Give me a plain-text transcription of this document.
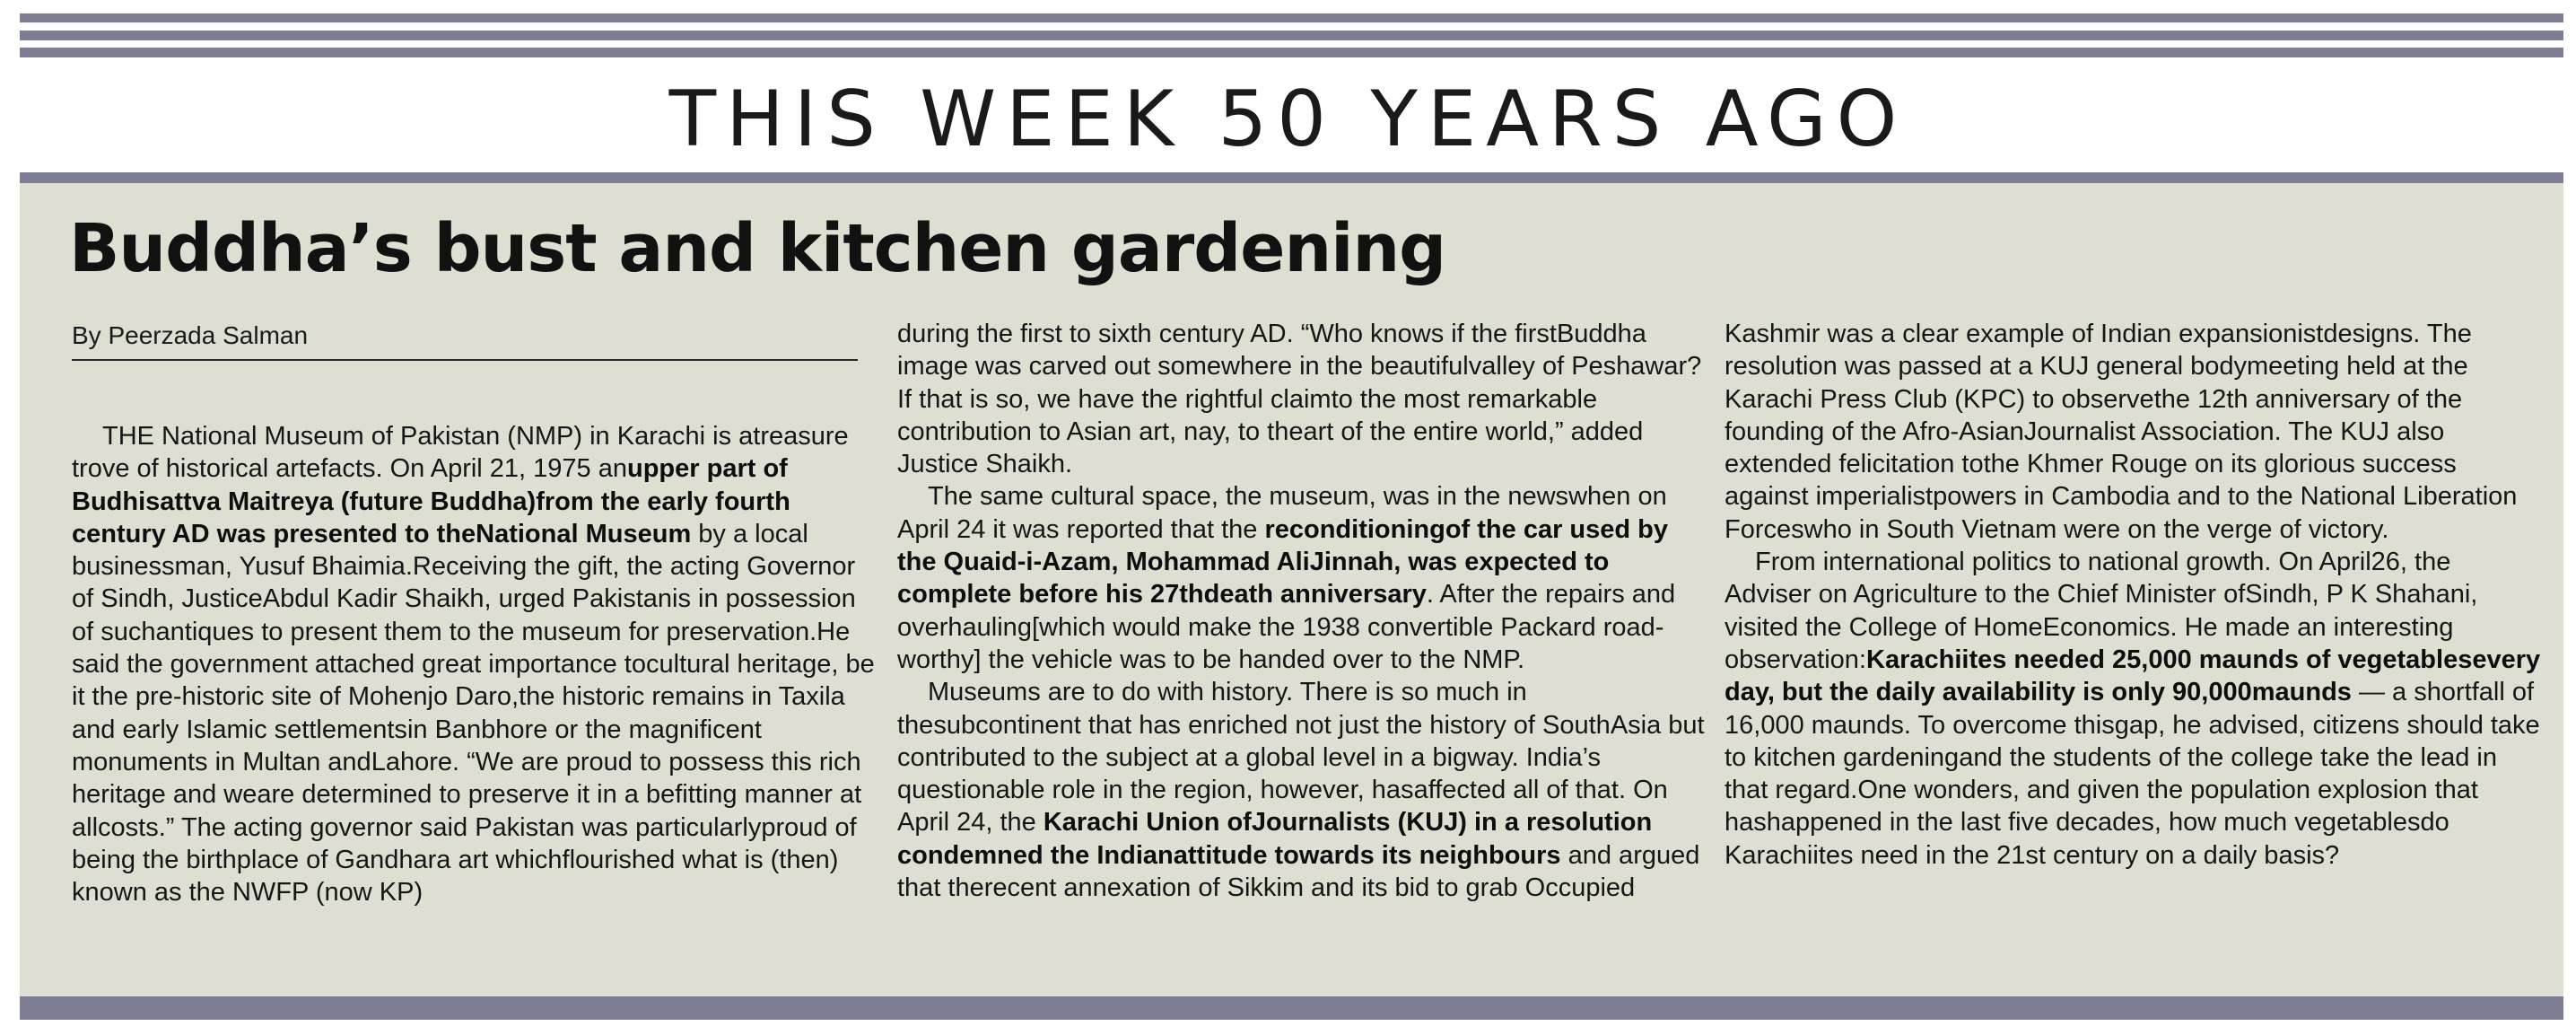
THIS WEEK 50 YEARS AGO
Buddha’s bust and kitchen gardening
By Peerzada Salman

THE National Museum of Pakistan (NMP) in Karachi is atreasure trove of historical artefacts. On April 21, 1975 anupper part of Budhisattva Maitreya (future Buddha)from the early fourth century AD was presented to theNational Museum by a local businessman, Yusuf Bhaimia.Receiving the gift, the acting Governor of Sindh, JusticeAbdul Kadir Shaikh, urged Pakistanis in possession of suchantiques to present them to the museum for preservation.He said the government attached great importance tocultural heritage, be it the pre-historic site of Mohenjo Daro,the historic remains in Taxila and early Islamic settlementsin Banbhore or the magnificent monuments in Multan andLahore. “We are proud to possess this rich heritage and weare determined to preserve it in a befitting manner at allcosts.” The acting governor said Pakistan was particularlyproud of being the birthplace of Gandhara art whichflourished what is (then) known as the NWFP (now KP)

during the first to sixth century AD. “Who knows if the firstBuddha image was carved out somewhere in the beautifulvalley of Peshawar? If that is so, we have the rightful claimto the most remarkable contribution to Asian art, nay, to theart of the entire world,” added Justice Shaikh.

The same cultural space, the museum, was in the newswhen on April 24 it was reported that the reconditioningof the car used by the Quaid-i-Azam, Mohammad AliJinnah, was expected to complete before his 27thdeath anniversary. After the repairs and overhauling[which would make the 1938 convertible Packard road-worthy] the vehicle was to be handed over to the NMP.

Museums are to do with history. There is so much in thesubcontinent that has enriched not just the history of SouthAsia but contributed to the subject at a global level in a bigway. India’s questionable role in the region, however, hasaffected all of that. On April 24, the Karachi Union ofJournalists (KUJ) in a resolution condemned the Indianattitude towards its neighbours and argued that therecent annexation of Sikkim and its bid to grab Occupied

Kashmir was a clear example of Indian expansionistdesigns. The resolution was passed at a KUJ general bodymeeting held at the Karachi Press Club (KPC) to observethe 12th anniversary of the founding of the Afro-AsianJournalist Association. The KUJ also extended felicitation tothe Khmer Rouge on its glorious success against imperialistpowers in Cambodia and to the National Liberation Forceswho in South Vietnam were on the verge of victory.

From international politics to national growth. On April26, the Adviser on Agriculture to the Chief Minister ofSindh, P K Shahani, visited the College of HomeEconomics. He made an interesting observation:Karachiites needed 25,000 maunds of vegetablesevery day, but the daily availability is only 90,000maunds — a shortfall of 16,000 maunds. To overcome thisgap, he advised, citizens should take to kitchen gardeningand the students of the college take the lead in that regard.One wonders, and given the population explosion that hashappened in the last five decades, how much vegetablesdo Karachiites need in the 21st century on a daily basis?
